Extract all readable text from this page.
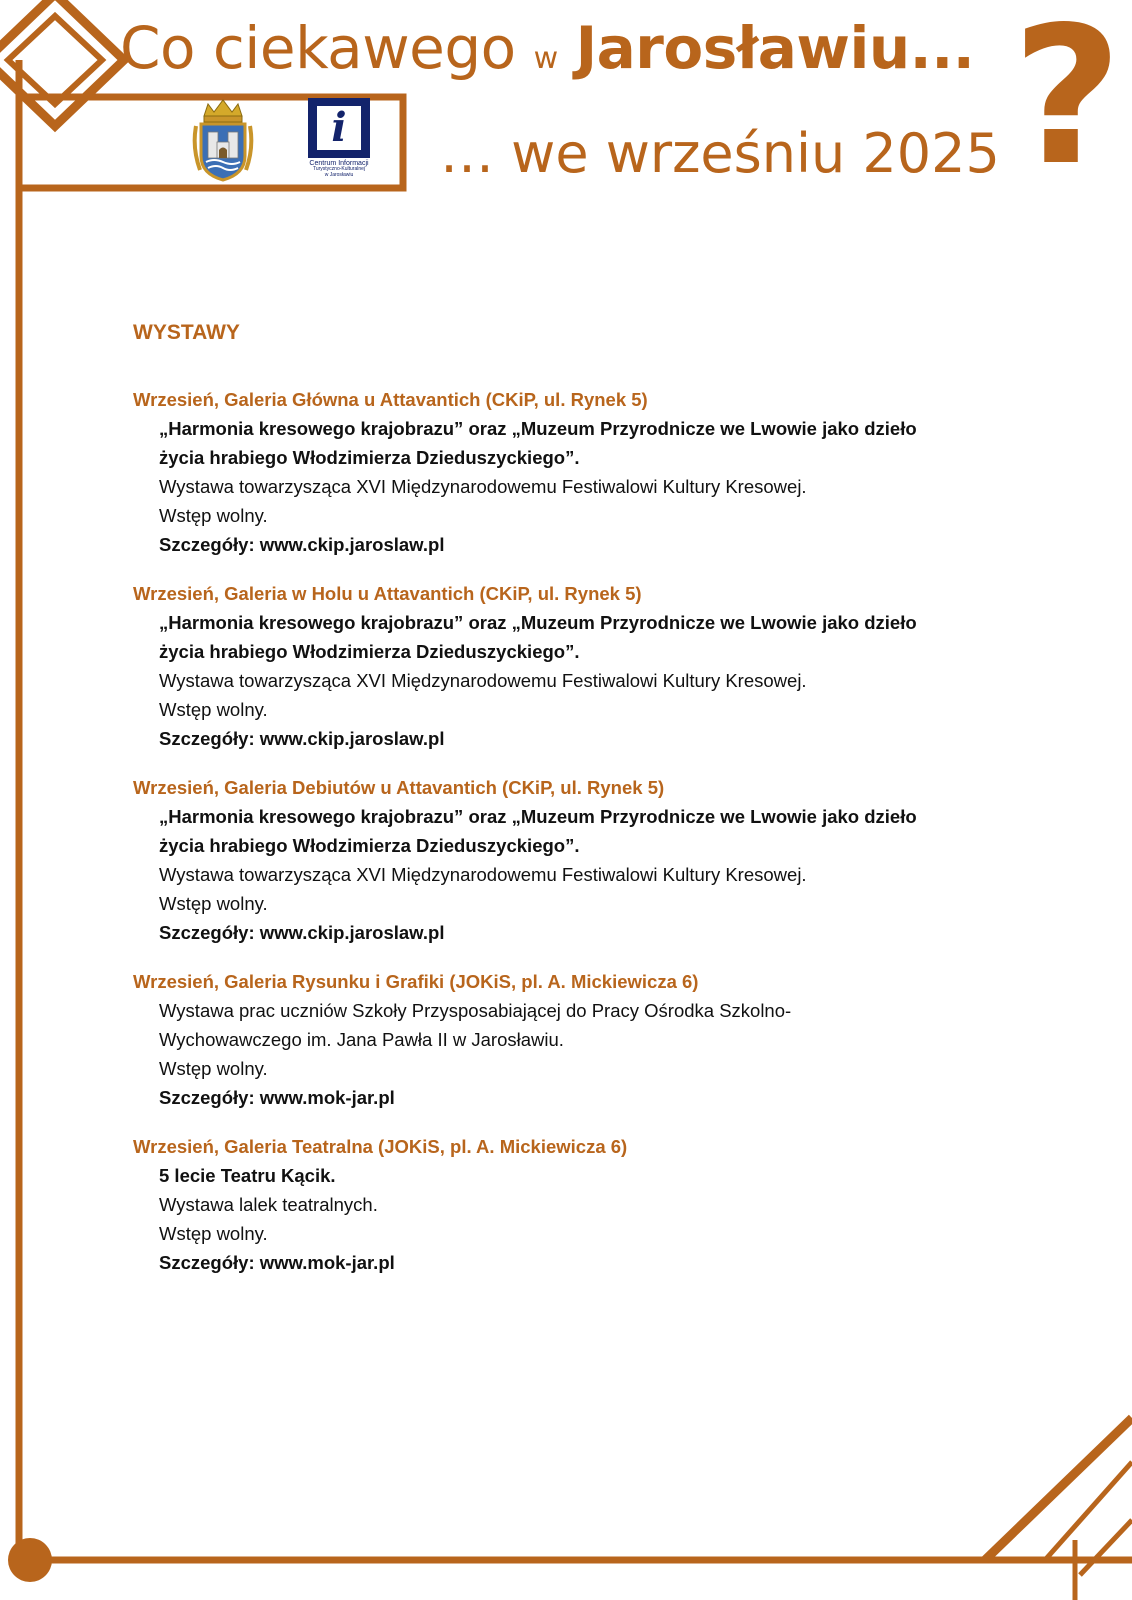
Co ciekawego w Jarosławiu...
… we wrześniu 2025 ?
i
Centrum Informacji
Turystyczno-Kulturalnej
w Jarosławiu
WYSTAWY
Wrzesień, Galeria Główna u Attavantich (CKiP, ul. Rynek 5)
„Harmonia kresowego krajobrazu” oraz „Muzeum Przyrodnicze we Lwowie jako dzieło
życia hrabiego Włodzimierza Dzieduszyckiego”.
Wystawa towarzysząca XVI Międzynarodowemu Festiwalowi Kultury Kresowej.
Wstęp wolny.
Szczegóły: www.ckip.jaroslaw.pl
Wrzesień, Galeria w Holu u Attavantich (CKiP, ul. Rynek 5)
„Harmonia kresowego krajobrazu” oraz „Muzeum Przyrodnicze we Lwowie jako dzieło
życia hrabiego Włodzimierza Dzieduszyckiego”.
Wystawa towarzysząca XVI Międzynarodowemu Festiwalowi Kultury Kresowej.
Wstęp wolny.
Szczegóły: www.ckip.jaroslaw.pl
Wrzesień, Galeria Debiutów u Attavantich (CKiP, ul. Rynek 5)
„Harmonia kresowego krajobrazu” oraz „Muzeum Przyrodnicze we Lwowie jako dzieło
życia hrabiego Włodzimierza Dzieduszyckiego”.
Wystawa towarzysząca XVI Międzynarodowemu Festiwalowi Kultury Kresowej.
Wstęp wolny.
Szczegóły: www.ckip.jaroslaw.pl
Wrzesień, Galeria Rysunku i Grafiki (JOKiS, pl. A. Mickiewicza 6)
Wystawa prac uczniów Szkoły Przysposabiającej do Pracy Ośrodka Szkolno-
Wychowawczego im. Jana Pawła II w Jarosławiu.
Wstęp wolny.
Szczegóły: www.mok-jar.pl
Wrzesień, Galeria Teatralna (JOKiS, pl. A. Mickiewicza 6)
5 lecie Teatru Kącik.
Wystawa lalek teatralnych.
Wstęp wolny.
Szczegóły: www.mok-jar.pl
